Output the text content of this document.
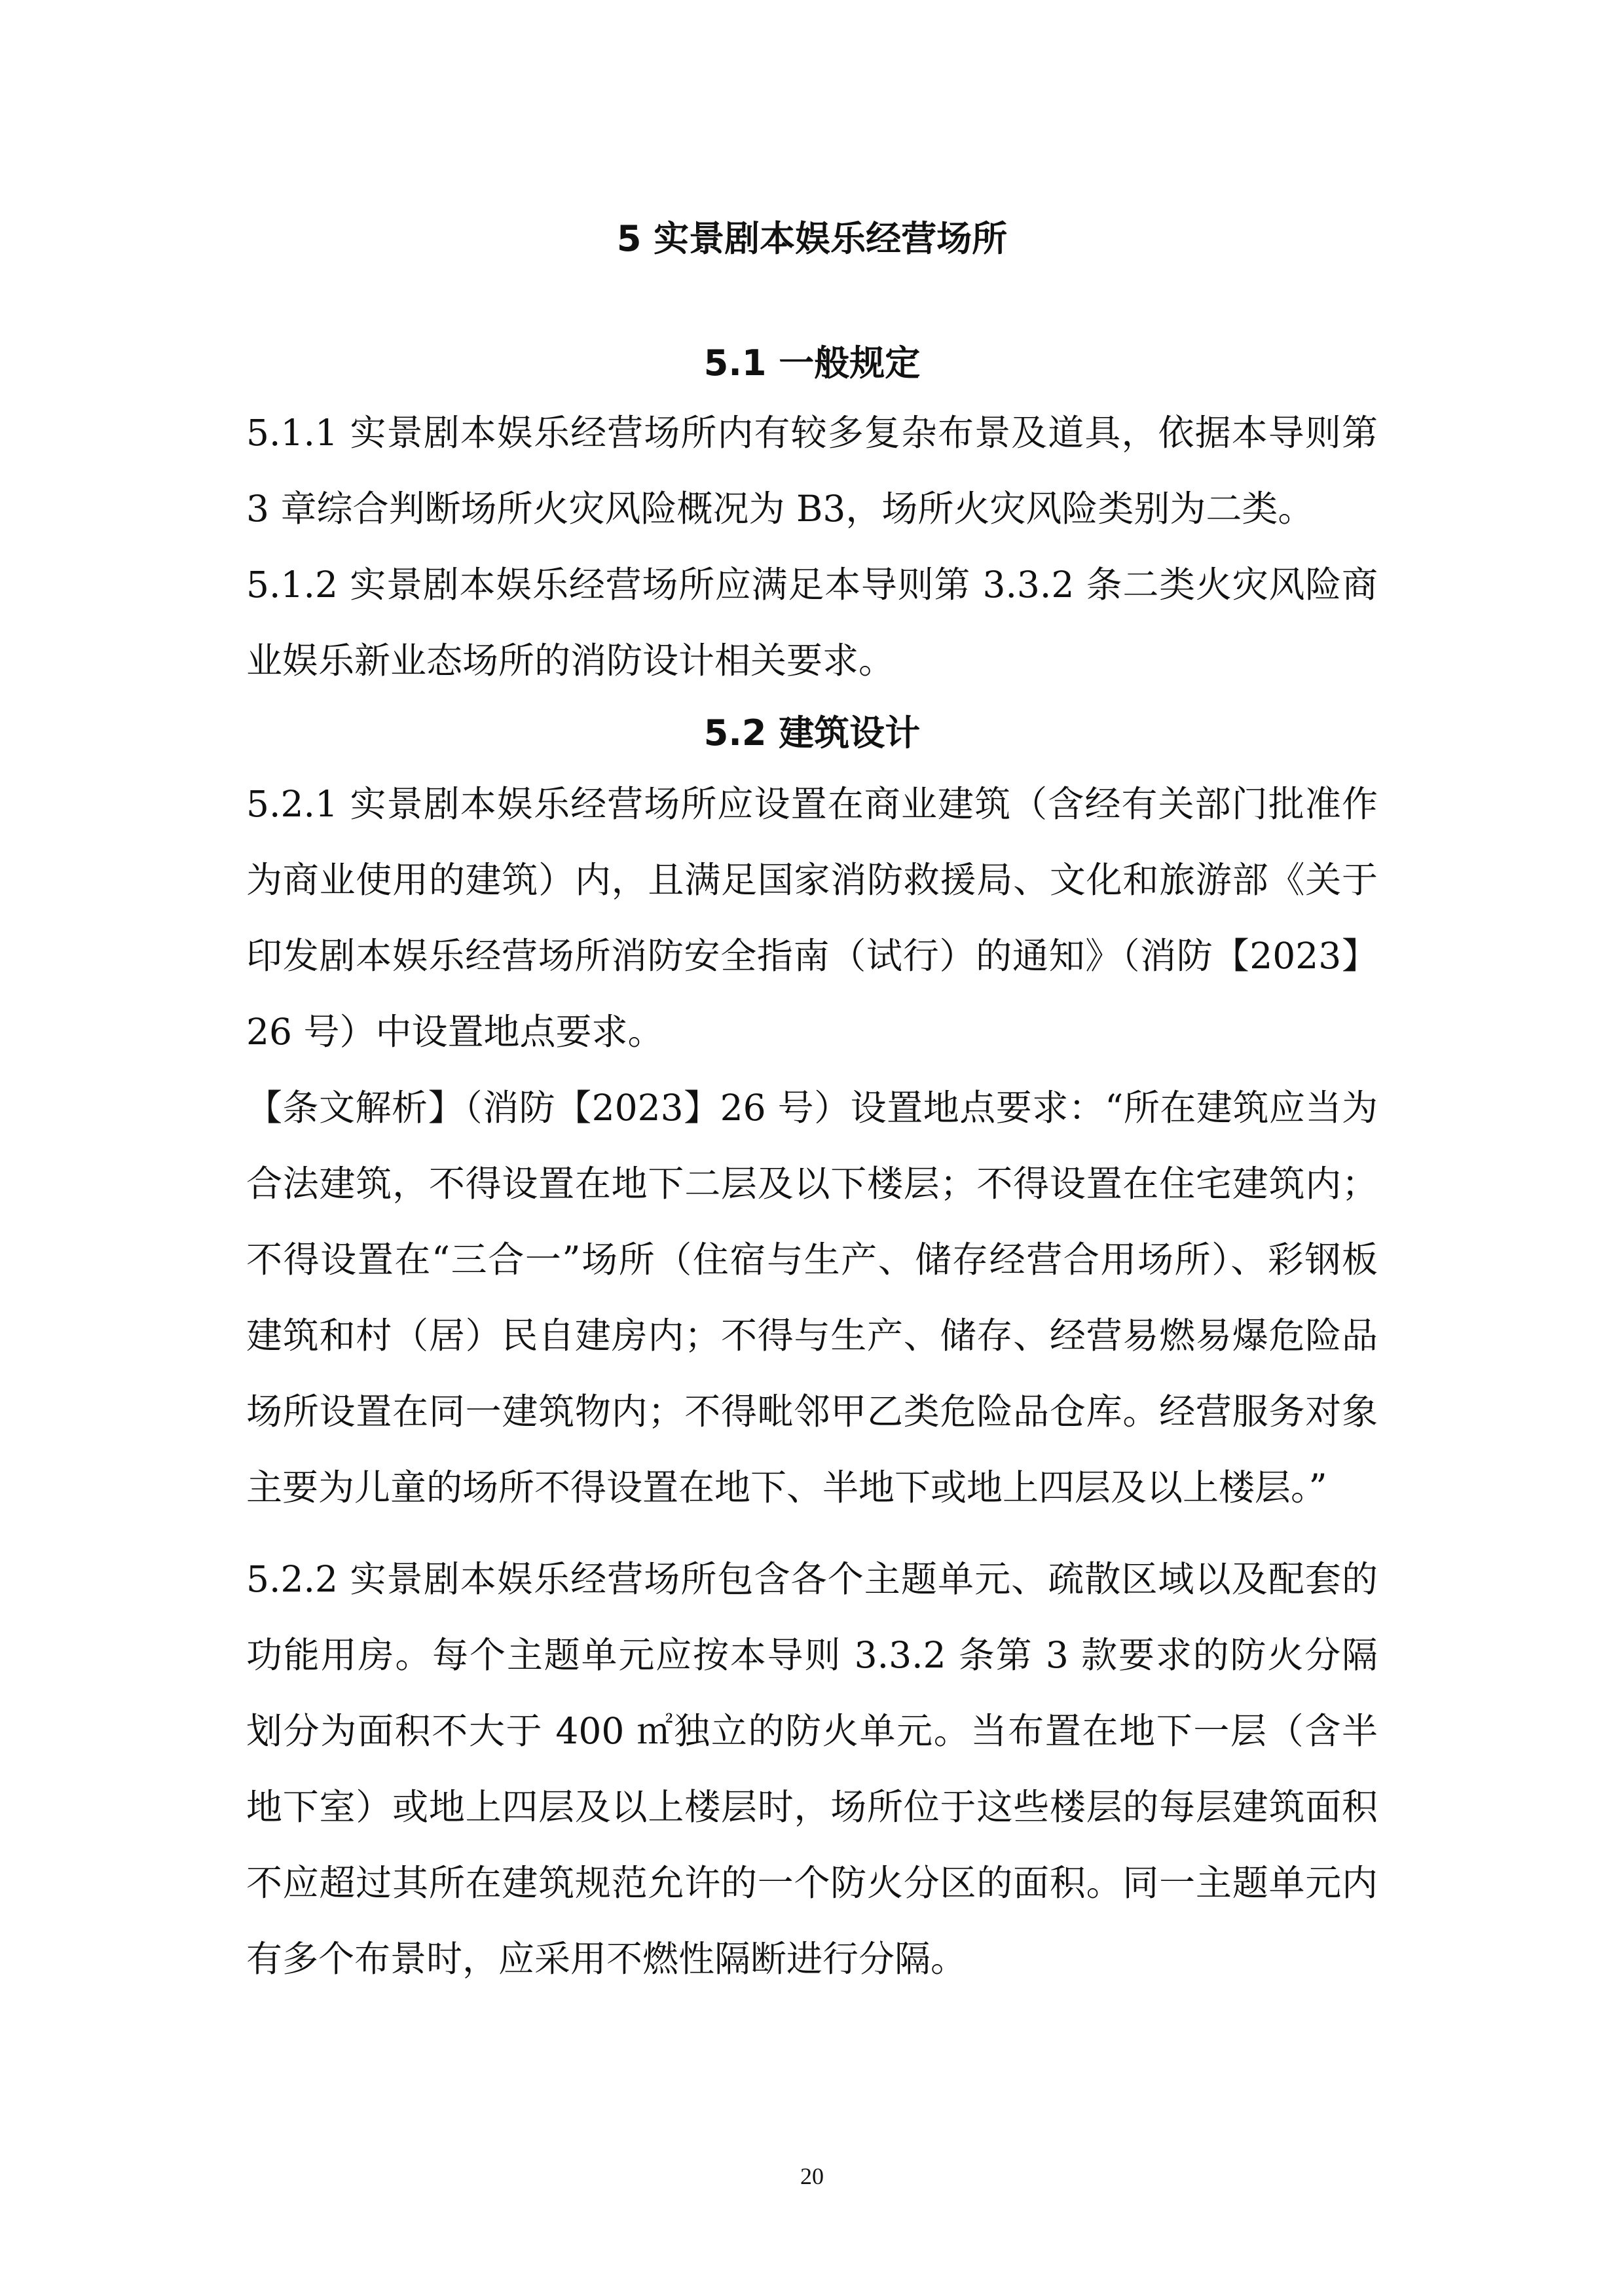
5 实景剧本娱乐经营场所
5.1 一般规定

5.1.1 实景剧本娱乐经营场所内有较多复杂布景及道具，依据本导则第 3 章综合判断场所火灾风险概况为 B3，场所火灾风险类别为二类。

5.1.2 实景剧本娱乐经营场所应满足本导则第 3.3.2 条二类火灾风险商业娱乐新业态场所的消防设计相关要求。

5.2 建筑设计

5.2.1 实景剧本娱乐经营场所应设置在商业建筑（含经有关部门批准作为商业使用的建筑）内，且满足国家消防救援局、文化和旅游部《关于印发剧本娱乐经营场所消防安全指南（试行）的通知》（消防【2023】26 号）中设置地点要求。

【条文解析】（消防【2023】26 号）设置地点要求：“所在建筑应当为合法建筑，不得设置在地下二层及以下楼层；不得设置在住宅建筑内；不得设置在“三合一”场所（住宿与生产、储存经营合用场所）、彩钢板建筑和村（居）民自建房内；不得与生产、储存、经营易燃易爆危险品场所设置在同一建筑物内；不得毗邻甲乙类危险品仓库。经营服务对象主要为儿童的场所不得设置在地下、半地下或地上四层及以上楼层。”

5.2.2 实景剧本娱乐经营场所包含各个主题单元、疏散区域以及配套的功能用房。每个主题单元应按本导则 3.3.2 条第 3 款要求的防火分隔划分为面积不大于 400 ㎡独立的防火单元。当布置在地下一层（含半地下室）或地上四层及以上楼层时，场所位于这些楼层的每层建筑面积不应超过其所在建筑规范允许的一个防火分区的面积。同一主题单元内有多个布景时，应采用不燃性隔断进行分隔。

20
